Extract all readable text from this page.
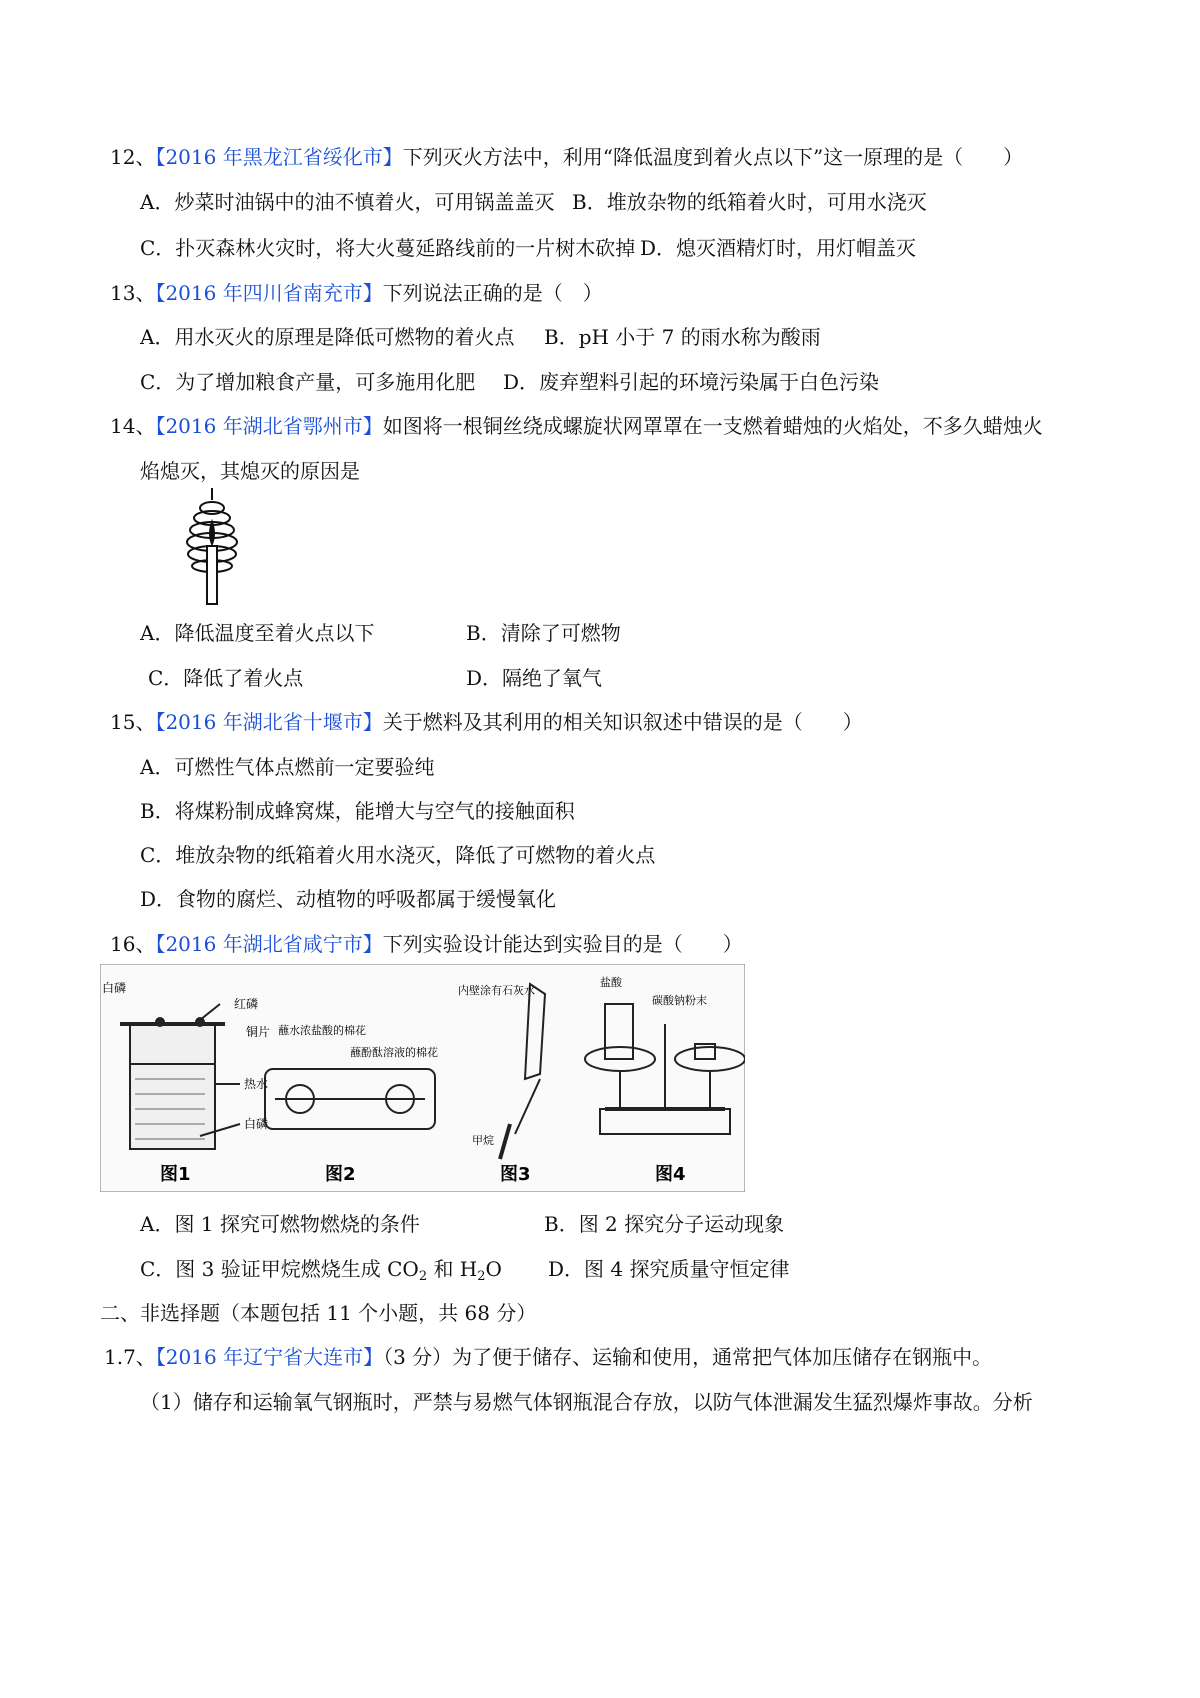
12、【2016 年黑龙江省绥化市】下列灭火方法中，利用“降低温度到着火点以下”这一原理的是（　　）
A．炒菜时油锅中的油不慎着火，可用锅盖盖灭 B．堆放杂物的纸箱着火时，可用水浇灭
C．扑灭森林火灾时，将大火蔓延路线前的一片树木砍掉 D．熄灭酒精灯时，用灯帽盖灭
13、【2016 年四川省南充市】下列说法正确的是（　）
A．用水灭火的原理是降低可燃物的着火点 B．pH 小于 7 的雨水称为酸雨
C．为了增加粮食产量，可多施用化肥 D．废弃塑料引起的环境污染属于白色污染
14、【2016 年湖北省鄂州市】如图将一根铜丝绕成螺旋状网罩罩在一支燃着蜡烛的火焰处，不多久蜡烛火
焰熄灭，其熄灭的原因是
A．降低温度至着火点以下	B．清除了可燃物
C．降低了着火点	D．隔绝了氧气
15、【2016 年湖北省十堰市】关于燃料及其利用的相关知识叙述中错误的是（　　）
A．可燃性气体点燃前一定要验纯
B．将煤粉制成蜂窝煤，能增大与空气的接触面积
C．堆放杂物的纸箱着火用水浇灭，降低了可燃物的着火点
D．食物的腐烂、动植物的呼吸都属于缓慢氧化
16、【2016 年湖北省咸宁市】下列实验设计能达到实验目的是（　　）
白磷
红磷
铜片
热水
白磷
图1
蘸水浓盐酸的棉花
蘸酚酞溶液的棉花
图2
内壁涂有石灰水
甲烷
图3
盐酸
碳酸钠粉末
图4
A．图 1 探究可燃物燃烧的条件	B．图 2 探究分子运动现象
C．图 3 验证甲烷燃烧生成 $CO_2$ 和 $H_2O$ D．图 4 探究质量守恒定律
二、非选择题（本题包括 11 个小题，共 68 分）
1.7、【2016 年辽宁省大连市】（3 分）为了便于储存、运输和使用，通常把气体加压储存在钢瓶中。
（1）储存和运输氧气钢瓶时，严禁与易燃气体钢瓶混合存放，以防气体泄漏发生猛烈爆炸事故。分析
